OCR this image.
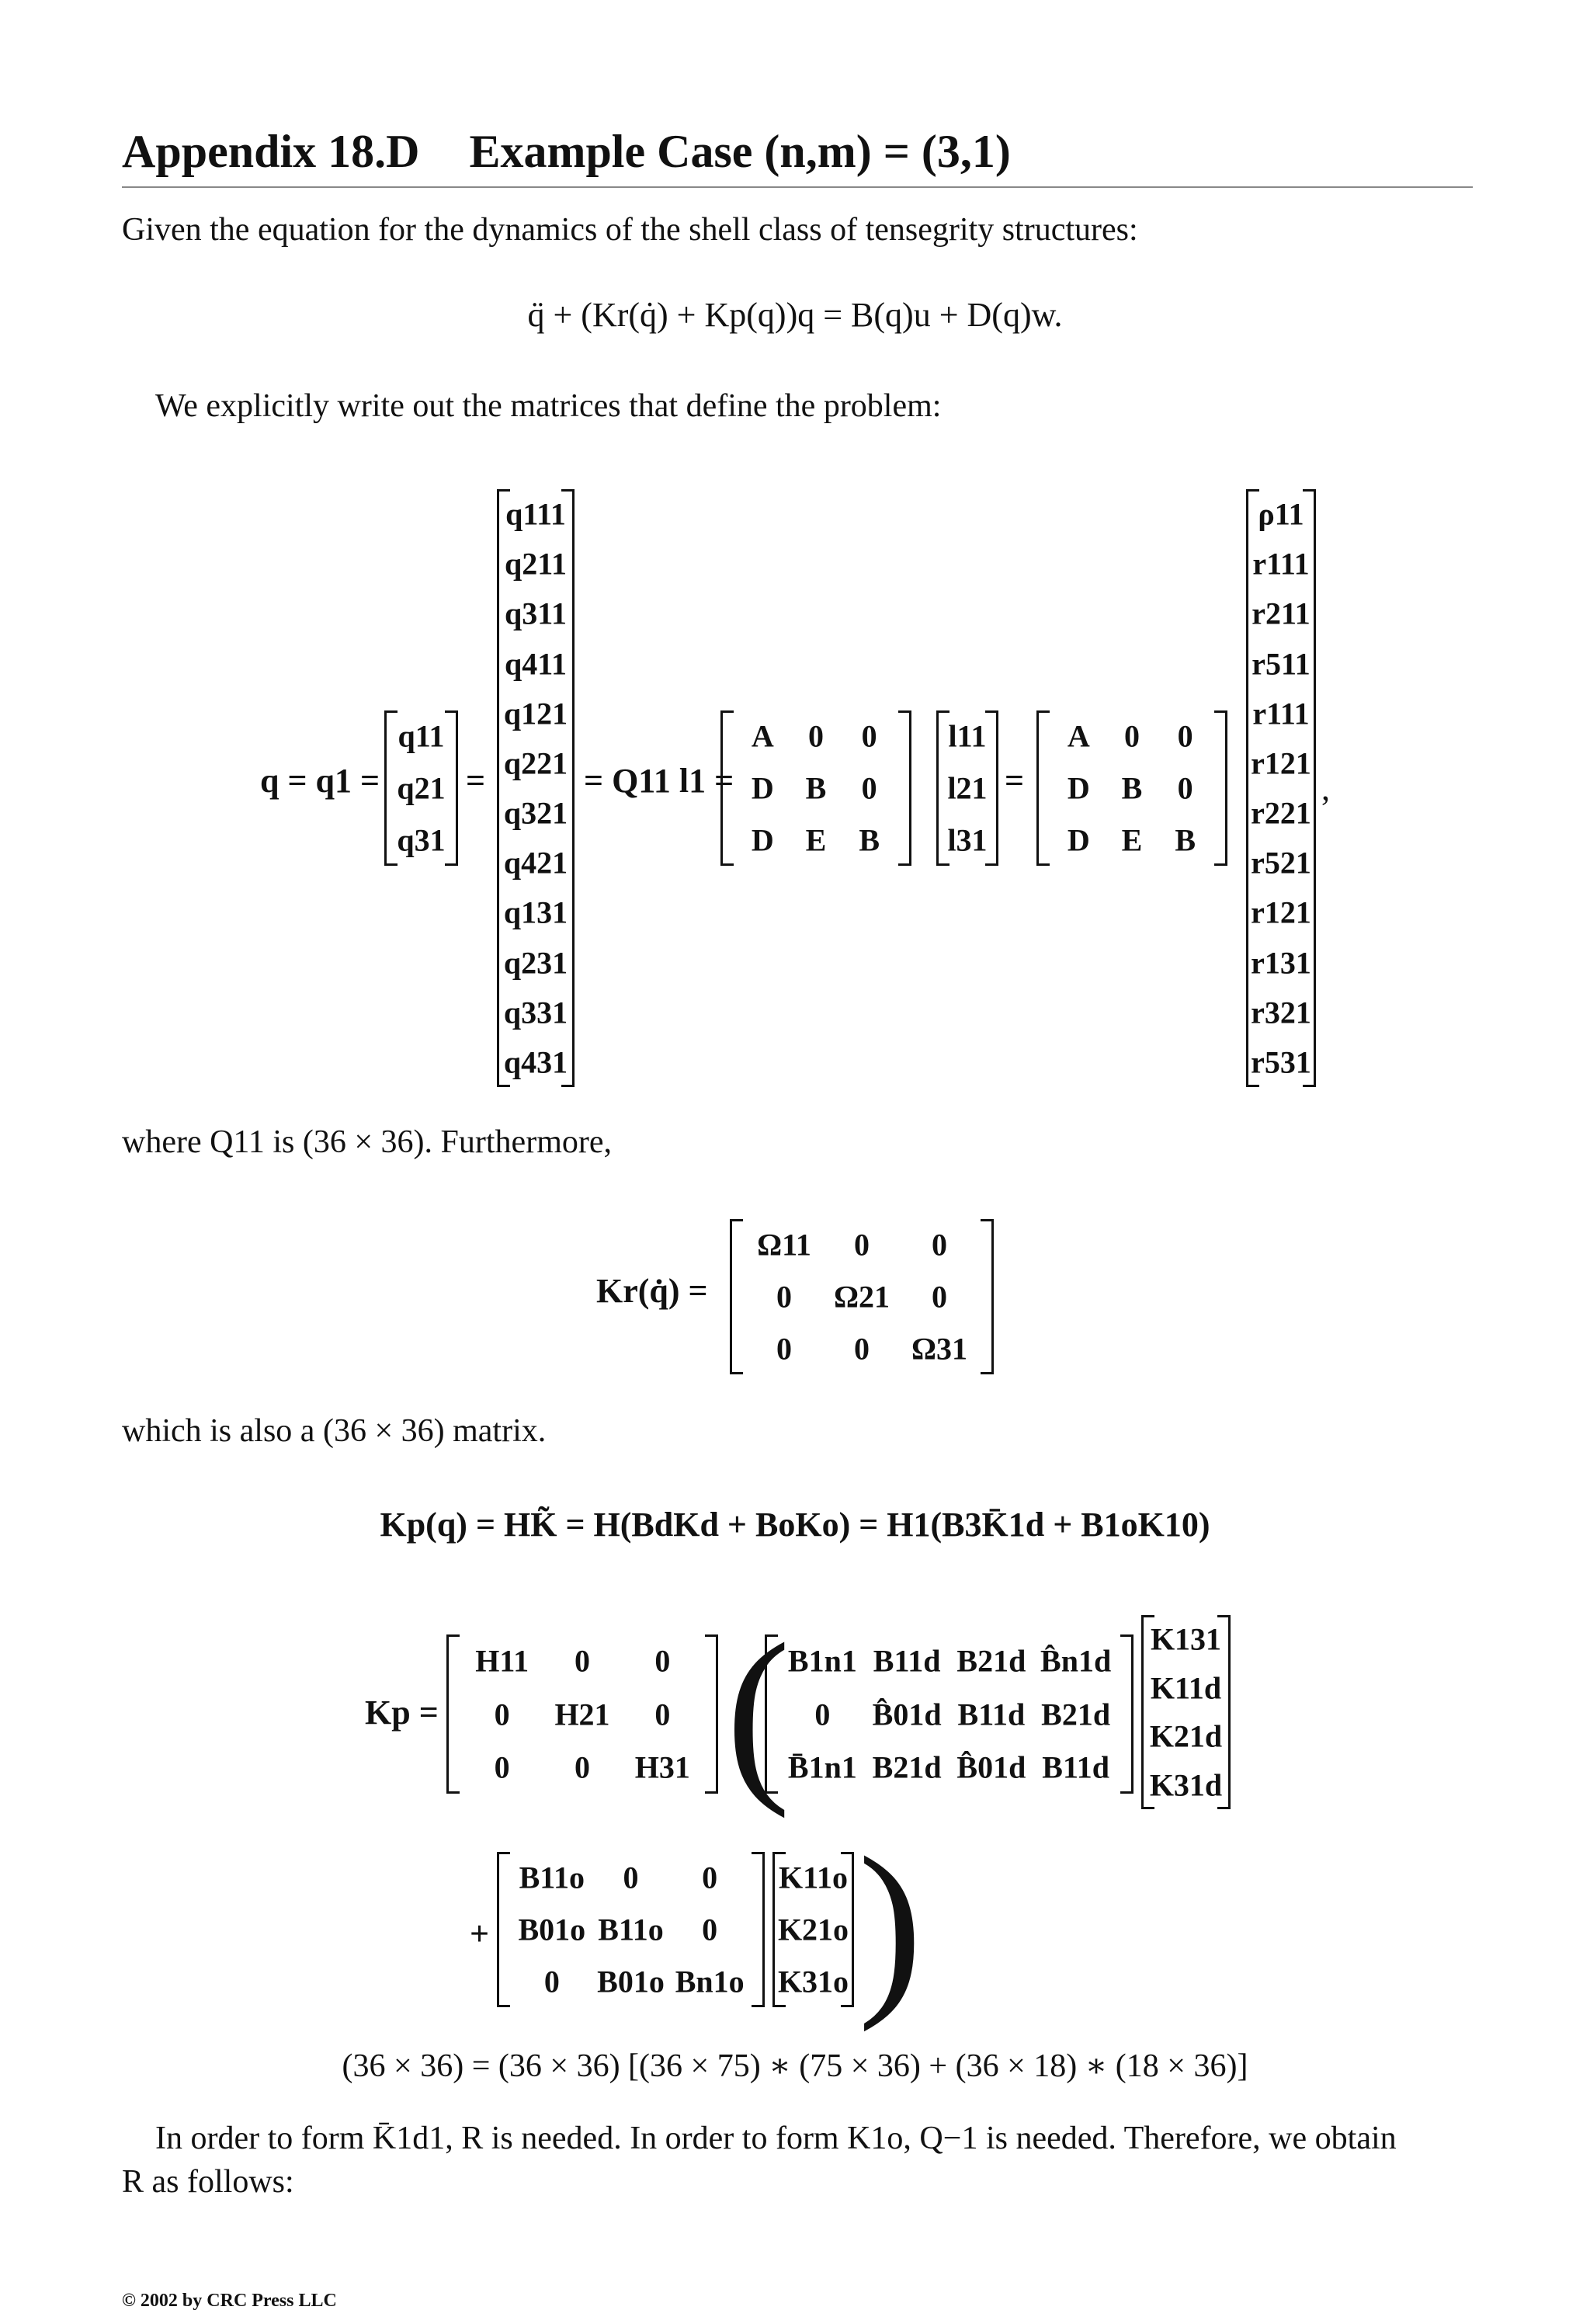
Appendix 18.D Example Case (n,m) = (3,1)
Given the equation for the dynamics of the shell class of tensegrity structures:
q̈ + (Kr(q̇) + Kp(q))q = B(q)u + D(q)w.
We explicitly write out the matrices that define the problem:
q = q1 =
q11
q21
q31
=
q111
q211
q311
q411
q121
q221
q321
q421
q131
q231
q331
q431
= Q11 l1 =
A 0 0
D B 0
D E B
l11
l21
l31
=
A 0 0
D B 0
D E B
ρ11
r111
r211
r511
r111
r121
r221
r521
r121
r131
r321
r531
,
where Q11 is (36 × 36). Furthermore,
Kr(q̇) =
Ω11 0 0
0 Ω21 0
0 0 Ω31
which is also a (36 × 36) matrix.
Kp(q) = HK̃ = H(BdKd + BoKo) = H1(B3K̄1d + B1oK10)
Kp =
H11 0 0
0 H21 0
0 0 H31 (
B1n1 B11d B21d B̂n1d
0 B̂01d B11d B21d
B̄1n1 B21d B̂01d B11d
K131
K11d
K21d
K31d
+
B11o 0 0
B01o B11o 0
0 B01o Bn1o
K11o
K21o
K31o )
(36 × 36) = (36 × 36) [(36 × 75) ∗ (75 × 36) + (36 × 18) ∗ (18 × 36)]
In order to form K̄1d1, R is needed. In order to form K1o, Q−1 is needed. Therefore, we obtain
R as follows:
© 2002 by CRC Press LLC
